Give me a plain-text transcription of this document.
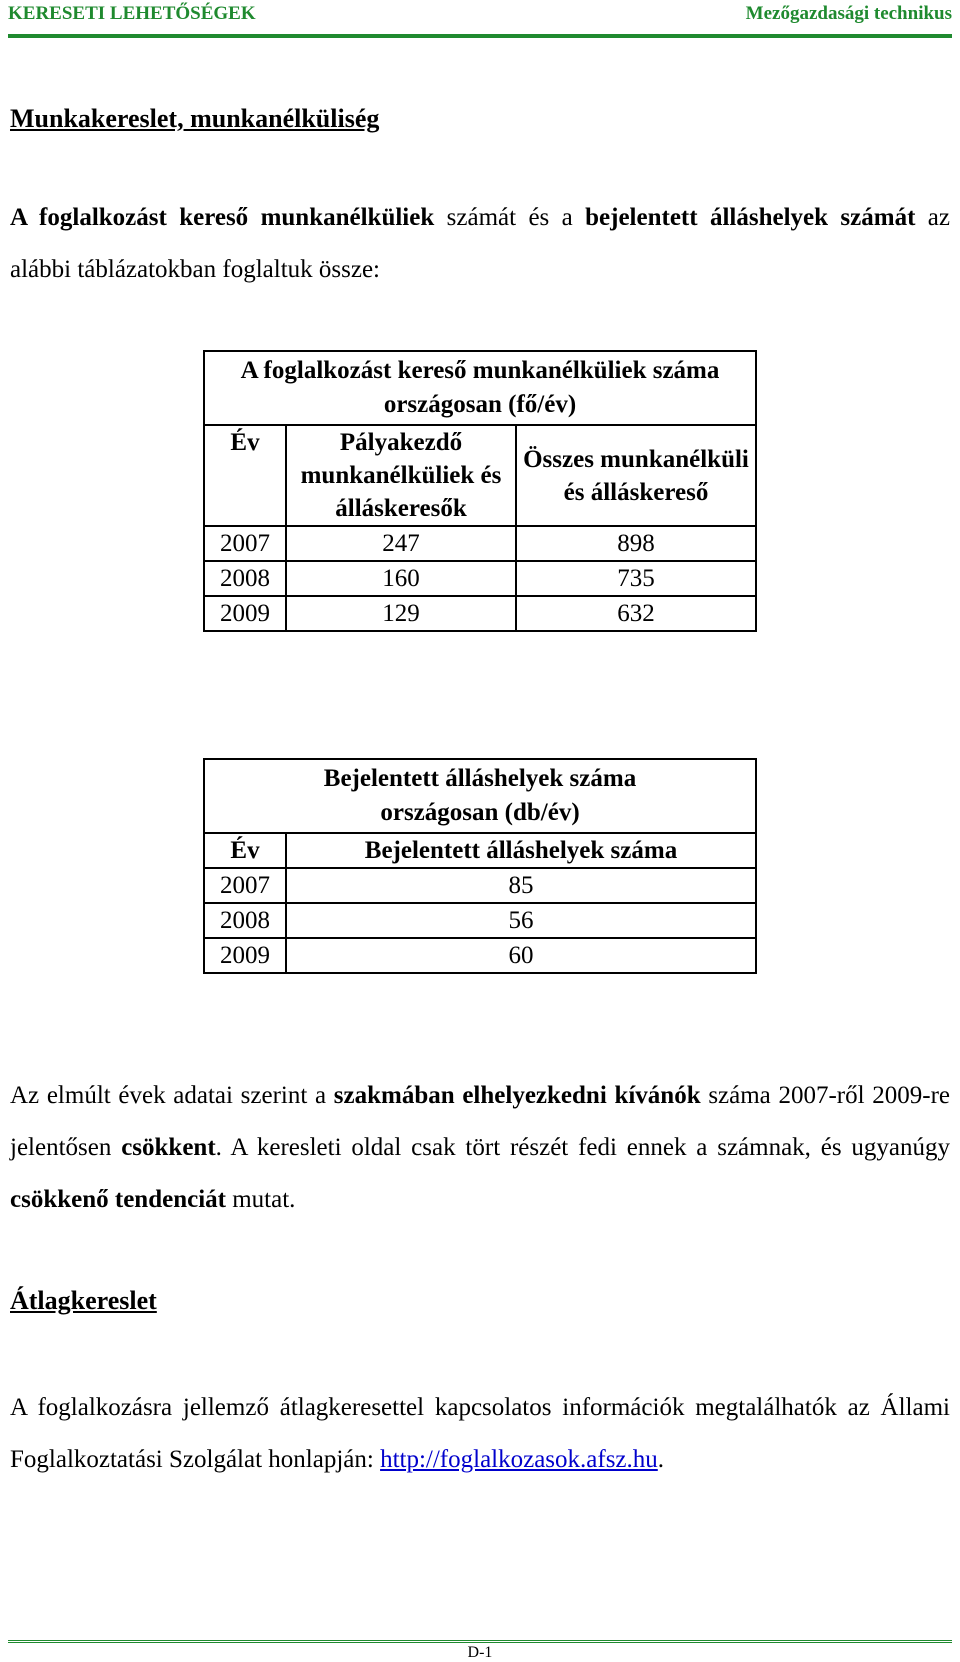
KERESETI LEHETŐSÉGEK	Mezőgazdasági technikus
Munkakereslet, munkanélküliség

A foglalkozást kereső munkanélküliek számát és a bejelentett álláshelyek számát az alábbi táblázatokban foglaltuk össze:

A foglalkozást kereső munkanélküliek száma országosan (fő/év)		
Év	Pályakezdő munkanélküliek és álláskeresők	Összes munkanélküli és álláskereső
2007	247	898
2008	160	735
2009	129	632
Bejelentett álláshelyek száma országosan (db/év)	
Év	Bejelentett álláshelyek száma
2007	85
2008	56
2009	60

Az elmúlt évek adatai szerint a szakmában elhelyezkedni kívánók száma 2007-ről 2009-re jelentősen csökkent. A keresleti oldal csak tört részét fedi ennek a számnak, és ugyanúgy csökkenő tendenciát mutat.

Átlagkereslet

A foglalkozásra jellemző átlagkeresettel kapcsolatos információk megtalálhatók az Állami Foglalkoztatási Szolgálat honlapján: http://foglalkozasok.afsz.hu.

D-1
